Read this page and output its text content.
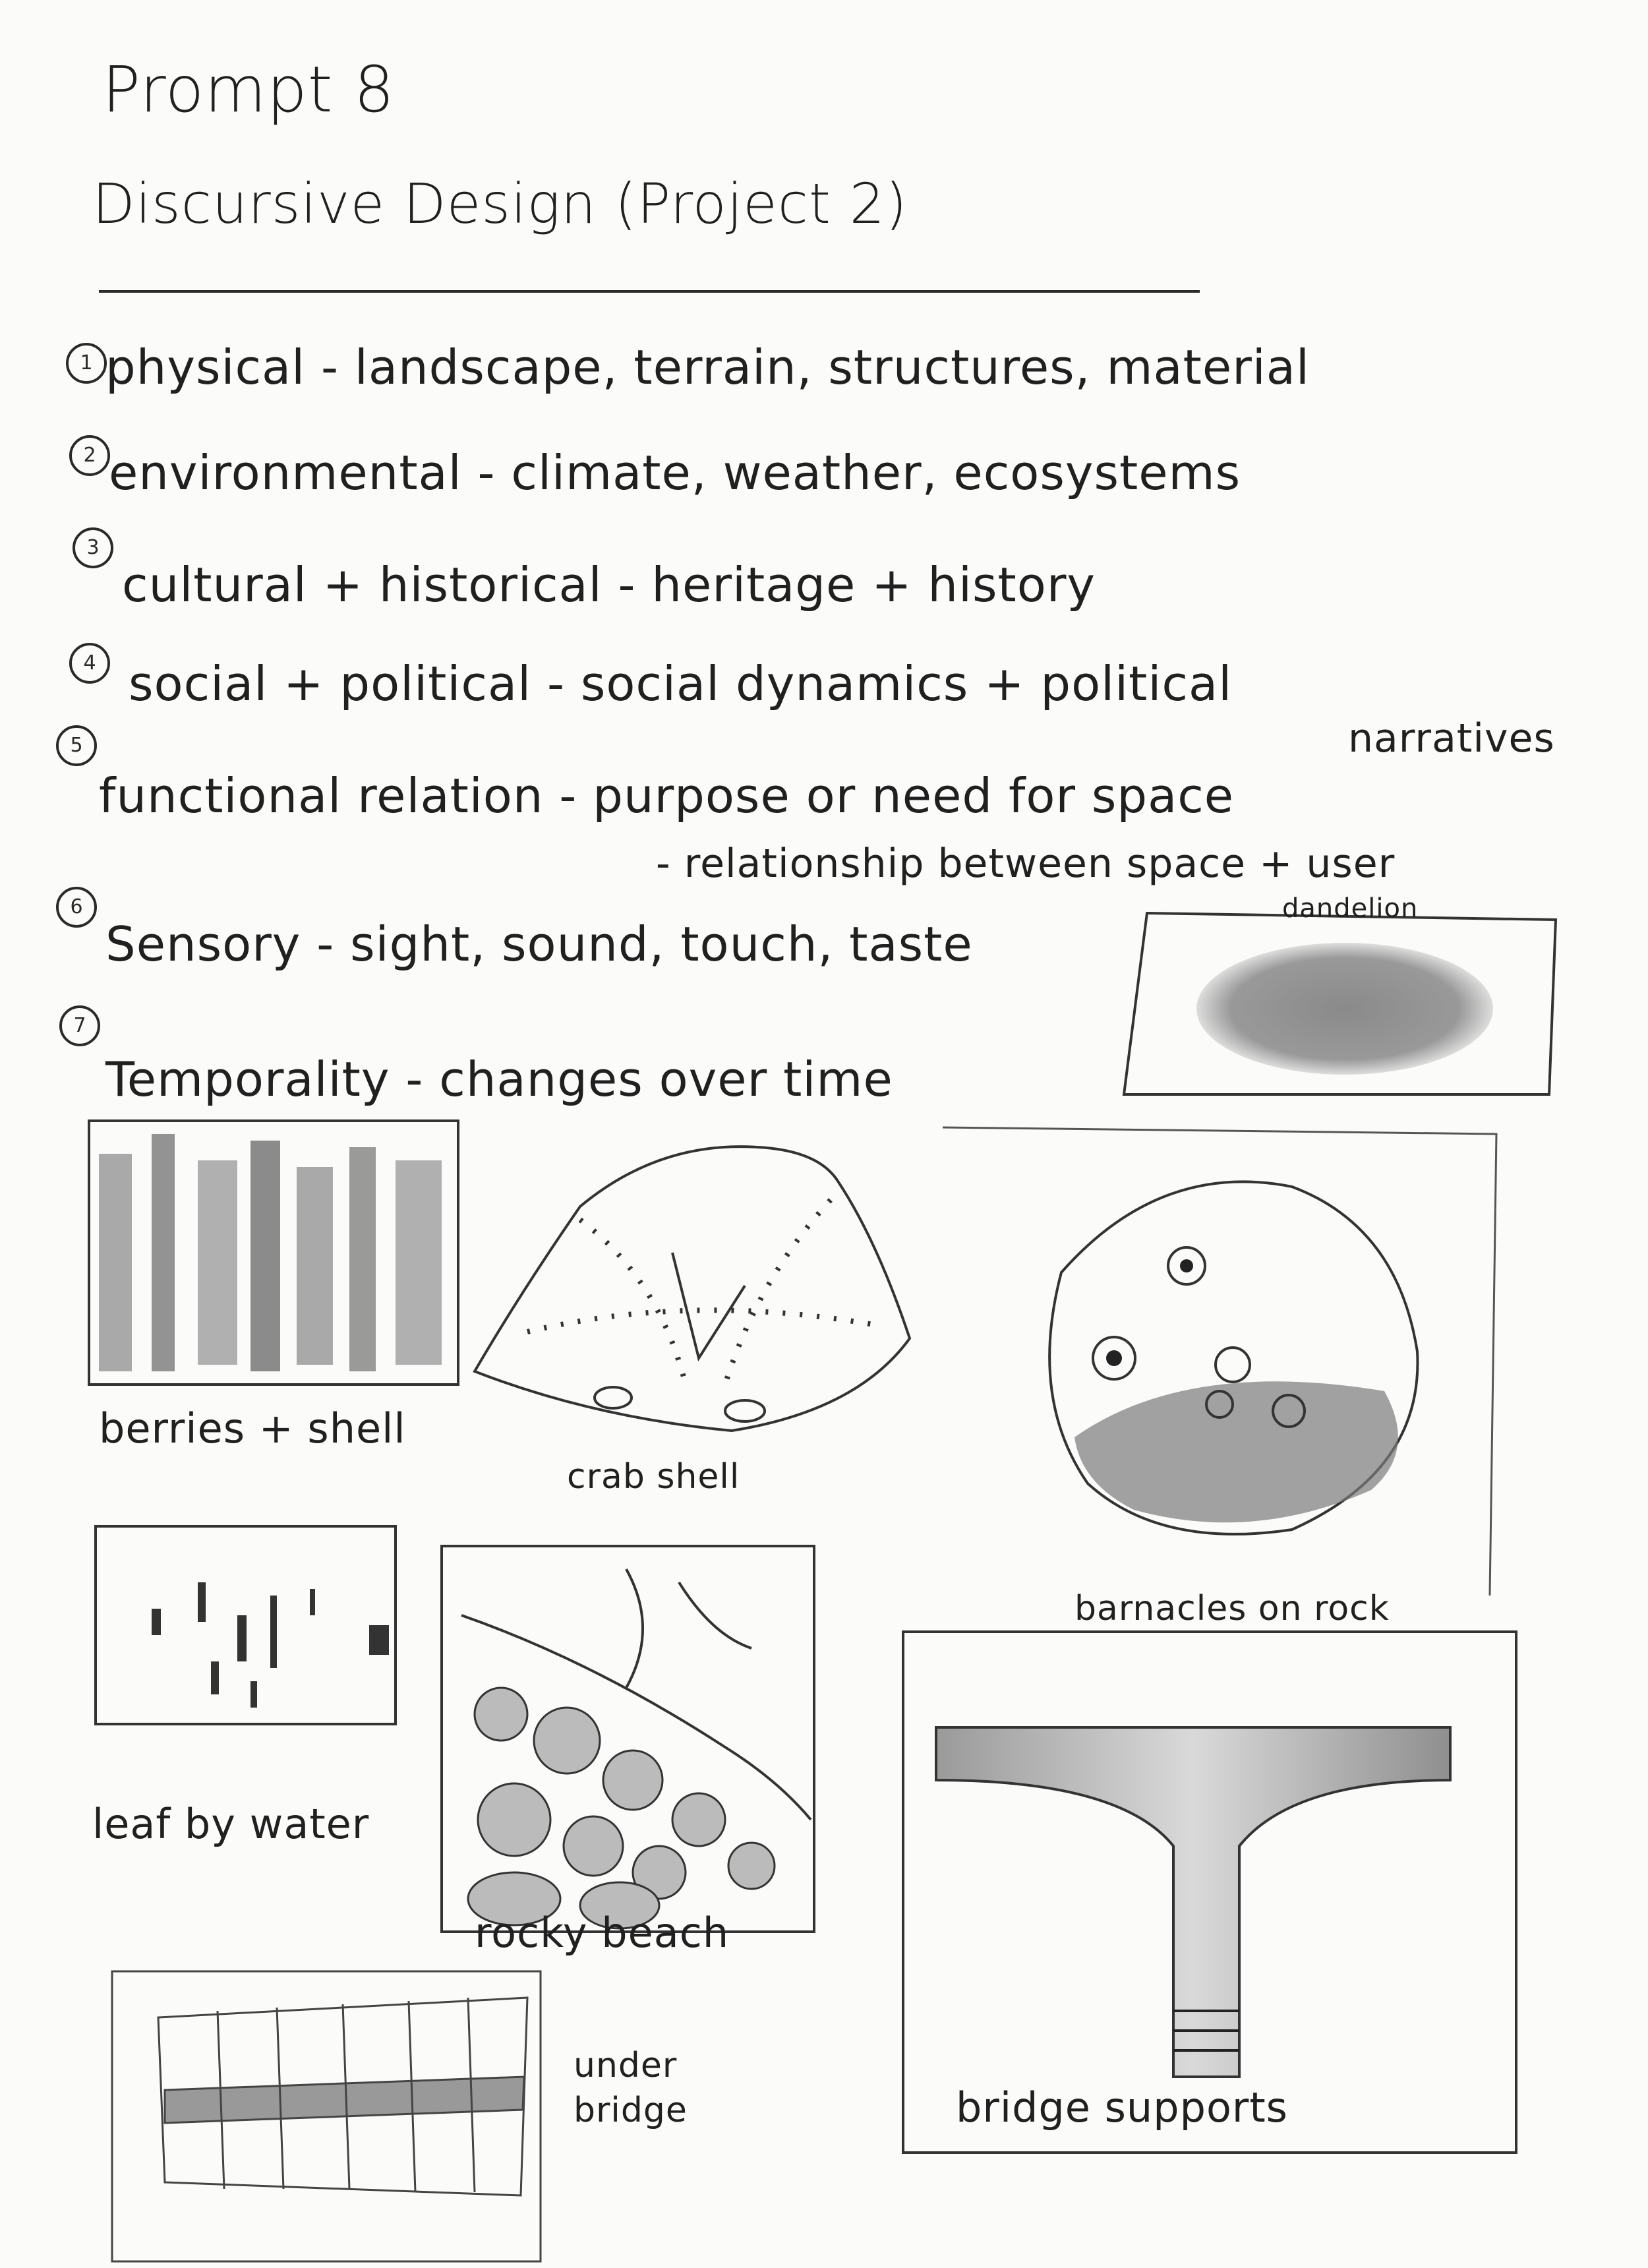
Prompt 8
Discursive Design (Project 2)
1 physical - landscape, terrain, structures, material
2 environmental - climate, weather, ecosystems
3
cultural + historical - heritage + history
4 social + political - social dynamics + political
narratives
5
functional relation - purpose or need for space
- relationship between space + user
6
Sensory - sight, sound, touch, taste
7
Temporality - changes over time
dandelion
berries + shell
crab shell
barnacles on rock
leaf by water
rocky beach
under bridge	bridge supports
